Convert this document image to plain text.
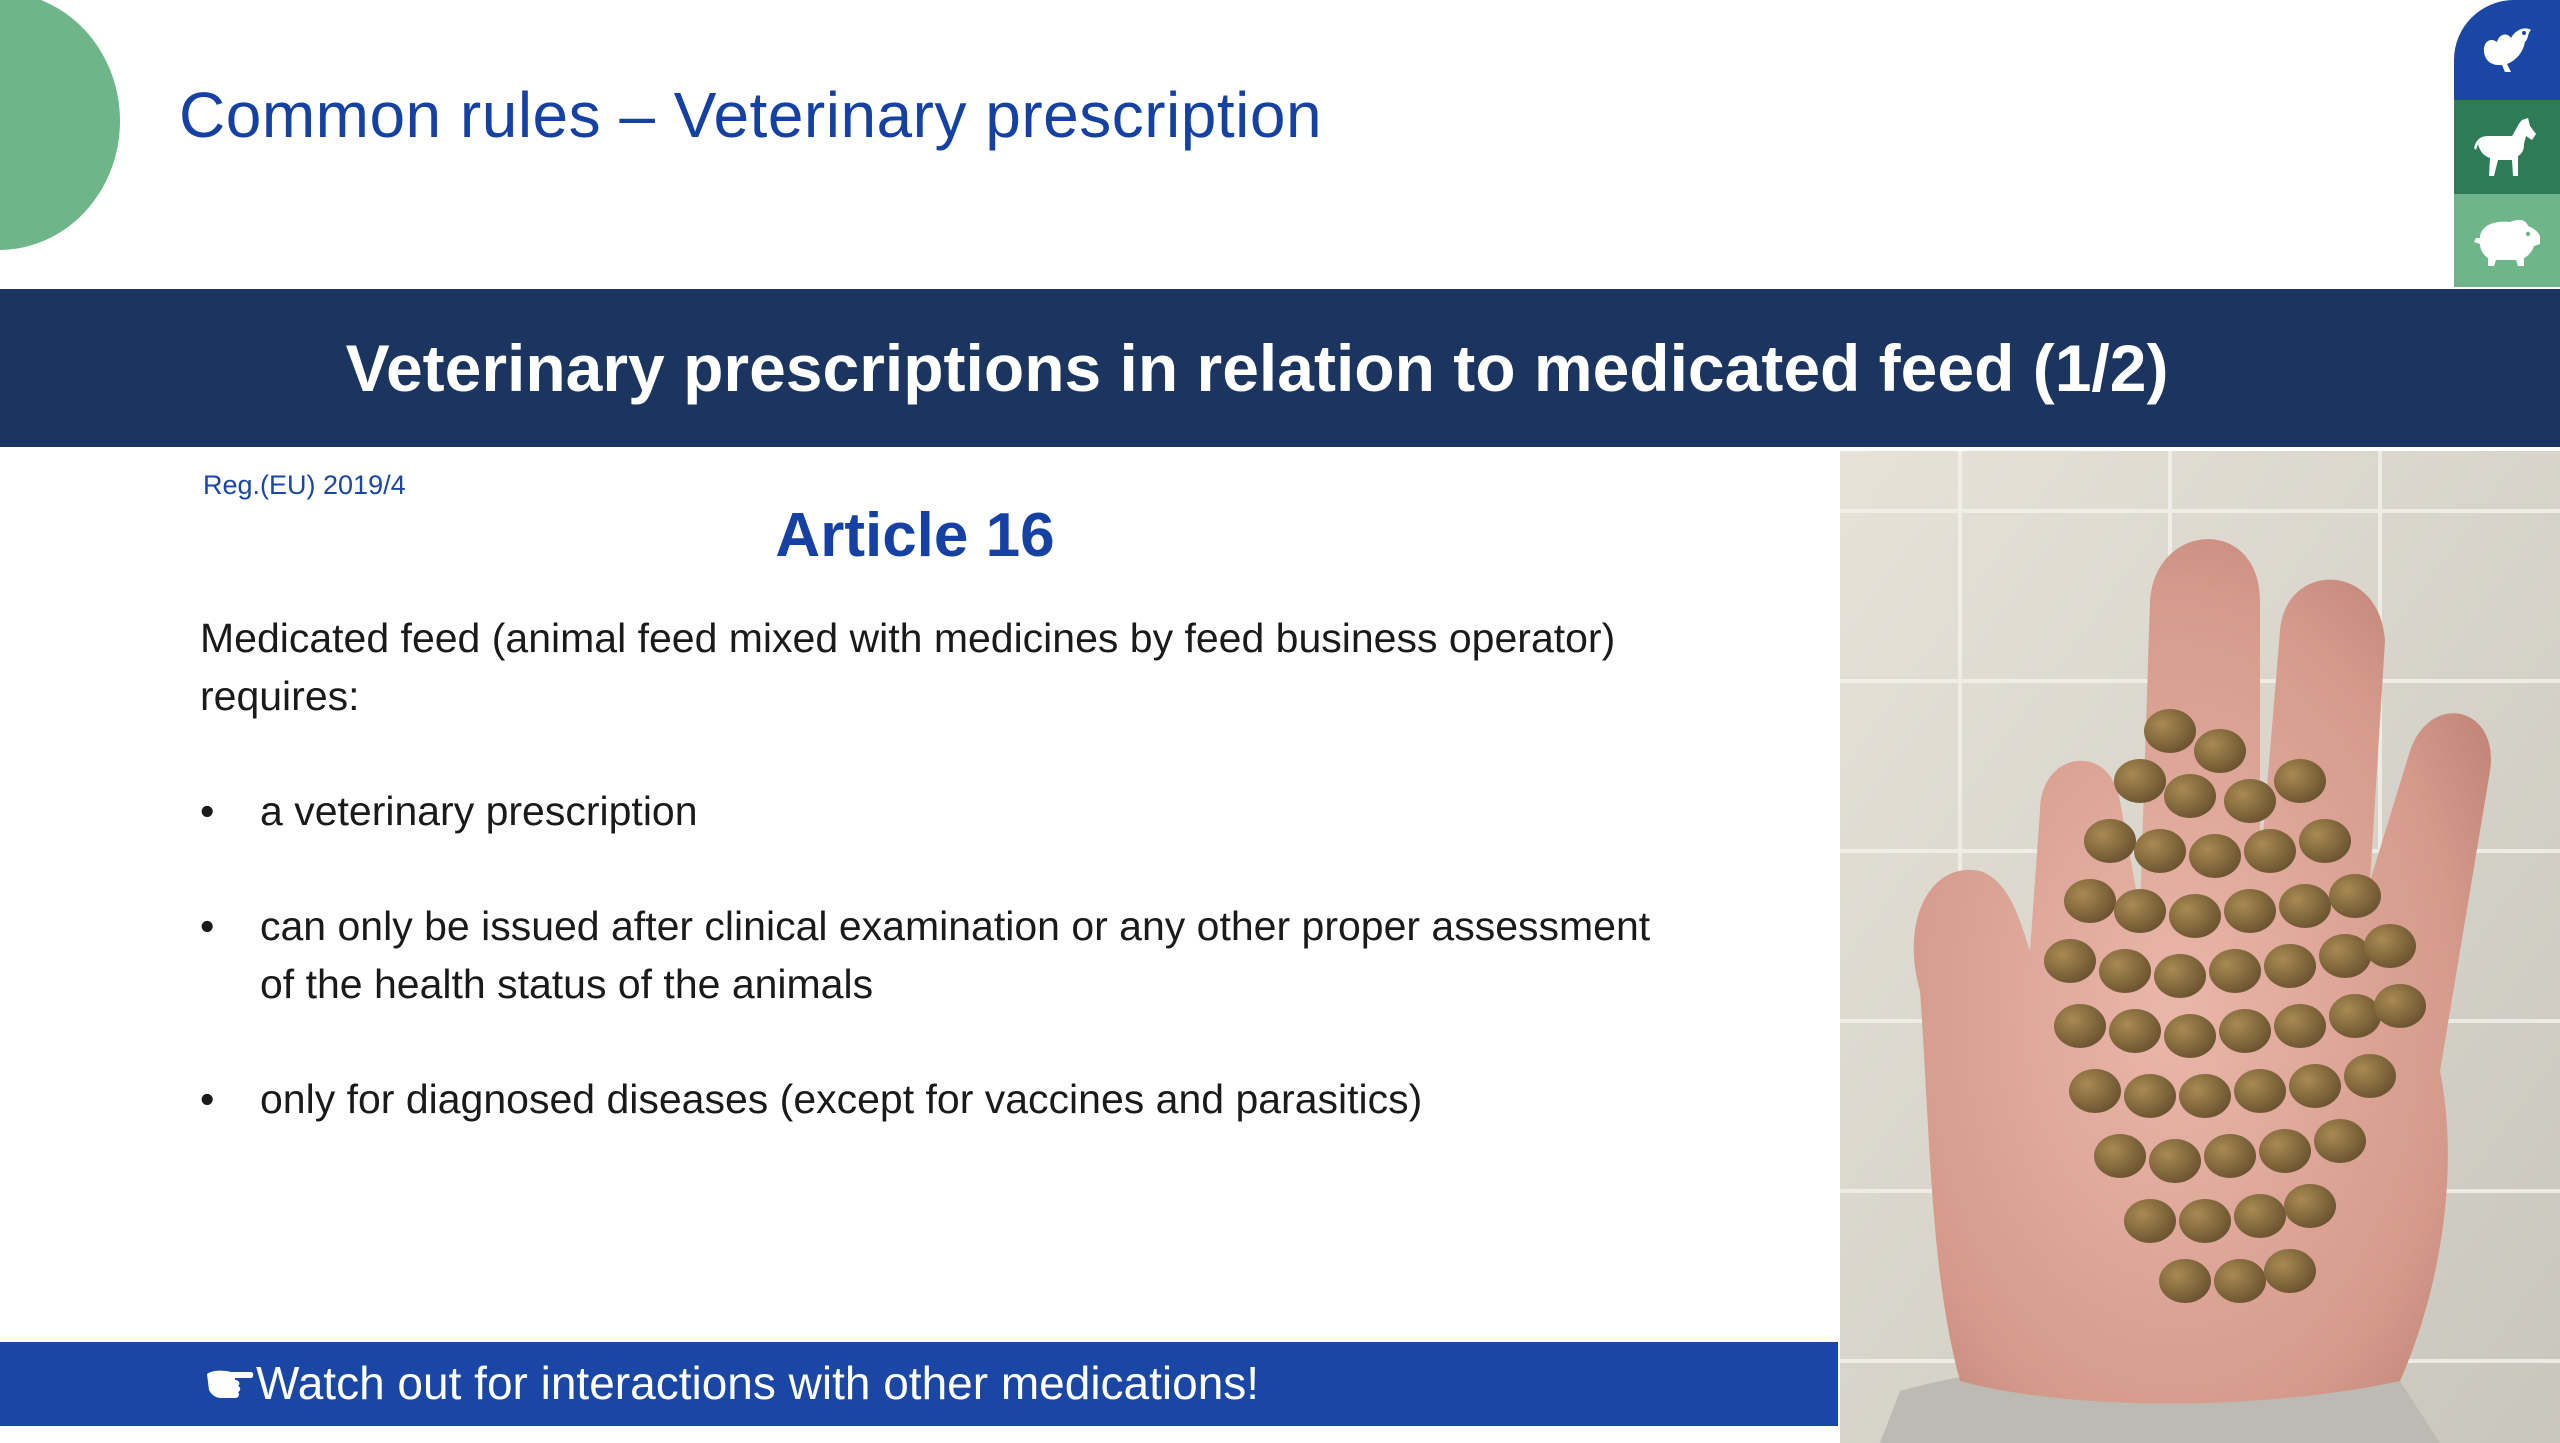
Common rules – Veterinary prescription
Veterinary prescriptions in relation to medicated feed (1/2)
Reg.(EU) 2019/4
Article 16
Medicated feed (animal feed mixed with medicines by feed business operator)
requires:
• a veterinary prescription
• can only be issued after clinical examination or any other proper assessment
of the health status of the animals
• only for diagnosed diseases (except for vaccines and parasitics)
Watch out for interactions with other medications!
